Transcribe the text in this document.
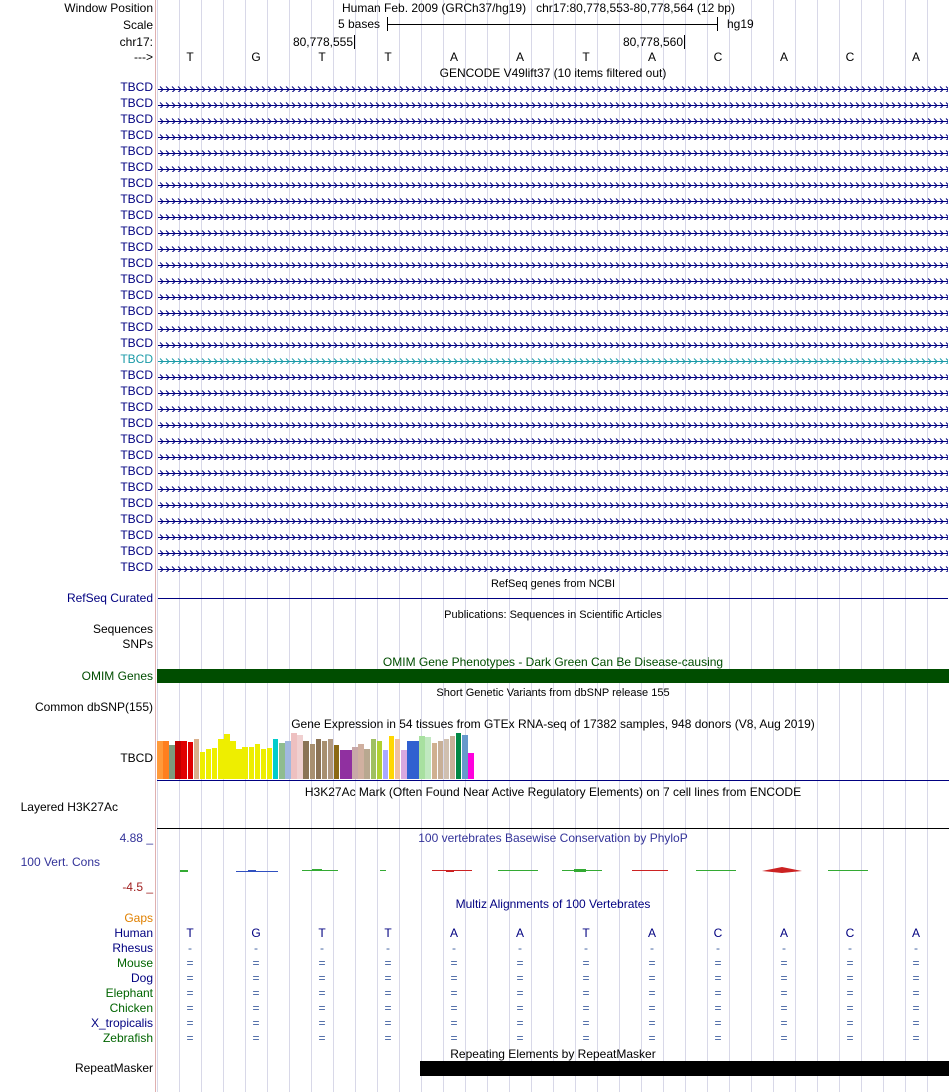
Window Position	Human Feb. 2009 (GRCh37/hg19) chr17:80,778,553-80,778,564 (12 bp)
Scale	5 bases	hg19
chr17:	80,778,555	80,778,560
--->	T	G	T	T	A	A	T	A	C	A	C	A
GENCODE V49lift37 (10 items filtered out)
TBCD
TBCD
TBCD
TBCD
TBCD
TBCD
TBCD
TBCD
TBCD
TBCD
TBCD
TBCD
TBCD
TBCD
TBCD
TBCD
TBCD
TBCD
TBCD
TBCD
TBCD
TBCD
TBCD
TBCD
TBCD
TBCD
TBCD
TBCD
TBCD
TBCD
TBCD
RefSeq genes from NCBI
RefSeq Curated
Publications: Sequences in Scientific Articles
Sequences
SNPs
OMIM Gene Phenotypes - Dark Green Can Be Disease-causing
OMIM Genes
Short Genetic Variants from dbSNP release 155
Common dbSNP(155)
Gene Expression in 54 tissues from GTEx RNA-seq of 17382 samples, 948 donors (V8, Aug 2019)
TBCD
H3K27Ac Mark (Often Found Near Active Regulatory Elements) on 7 cell lines from ENCODE
Layered H3K27Ac
100 vertebrates Basewise Conservation by PhyloP
4.88 _
100 Vert. Cons
-4.5 _
Multiz Alignments of 100 Vertebrates
Gaps
Human	T	G	T	T	A	A	T	A	C	A	C	A
Rhesus	-	-	-	-	-	-	-	-	-	-	-	-
Mouse	=	=	=	=	=	=	=	=	=	=	=	=
Dog	=	=	=	=	=	=	=	=	=	=	=	=
Elephant	=	=	=	=	=	=	=	=	=	=	=	=
Chicken	=	=	=	=	=	=	=	=	=	=	=	=
X_tropicalis	=	=	=	=	=	=	=	=	=	=	=	=
Zebrafish	=	=	=	=	=	=	=	=	=	=	=	=
Repeating Elements by RepeatMasker
RepeatMasker
